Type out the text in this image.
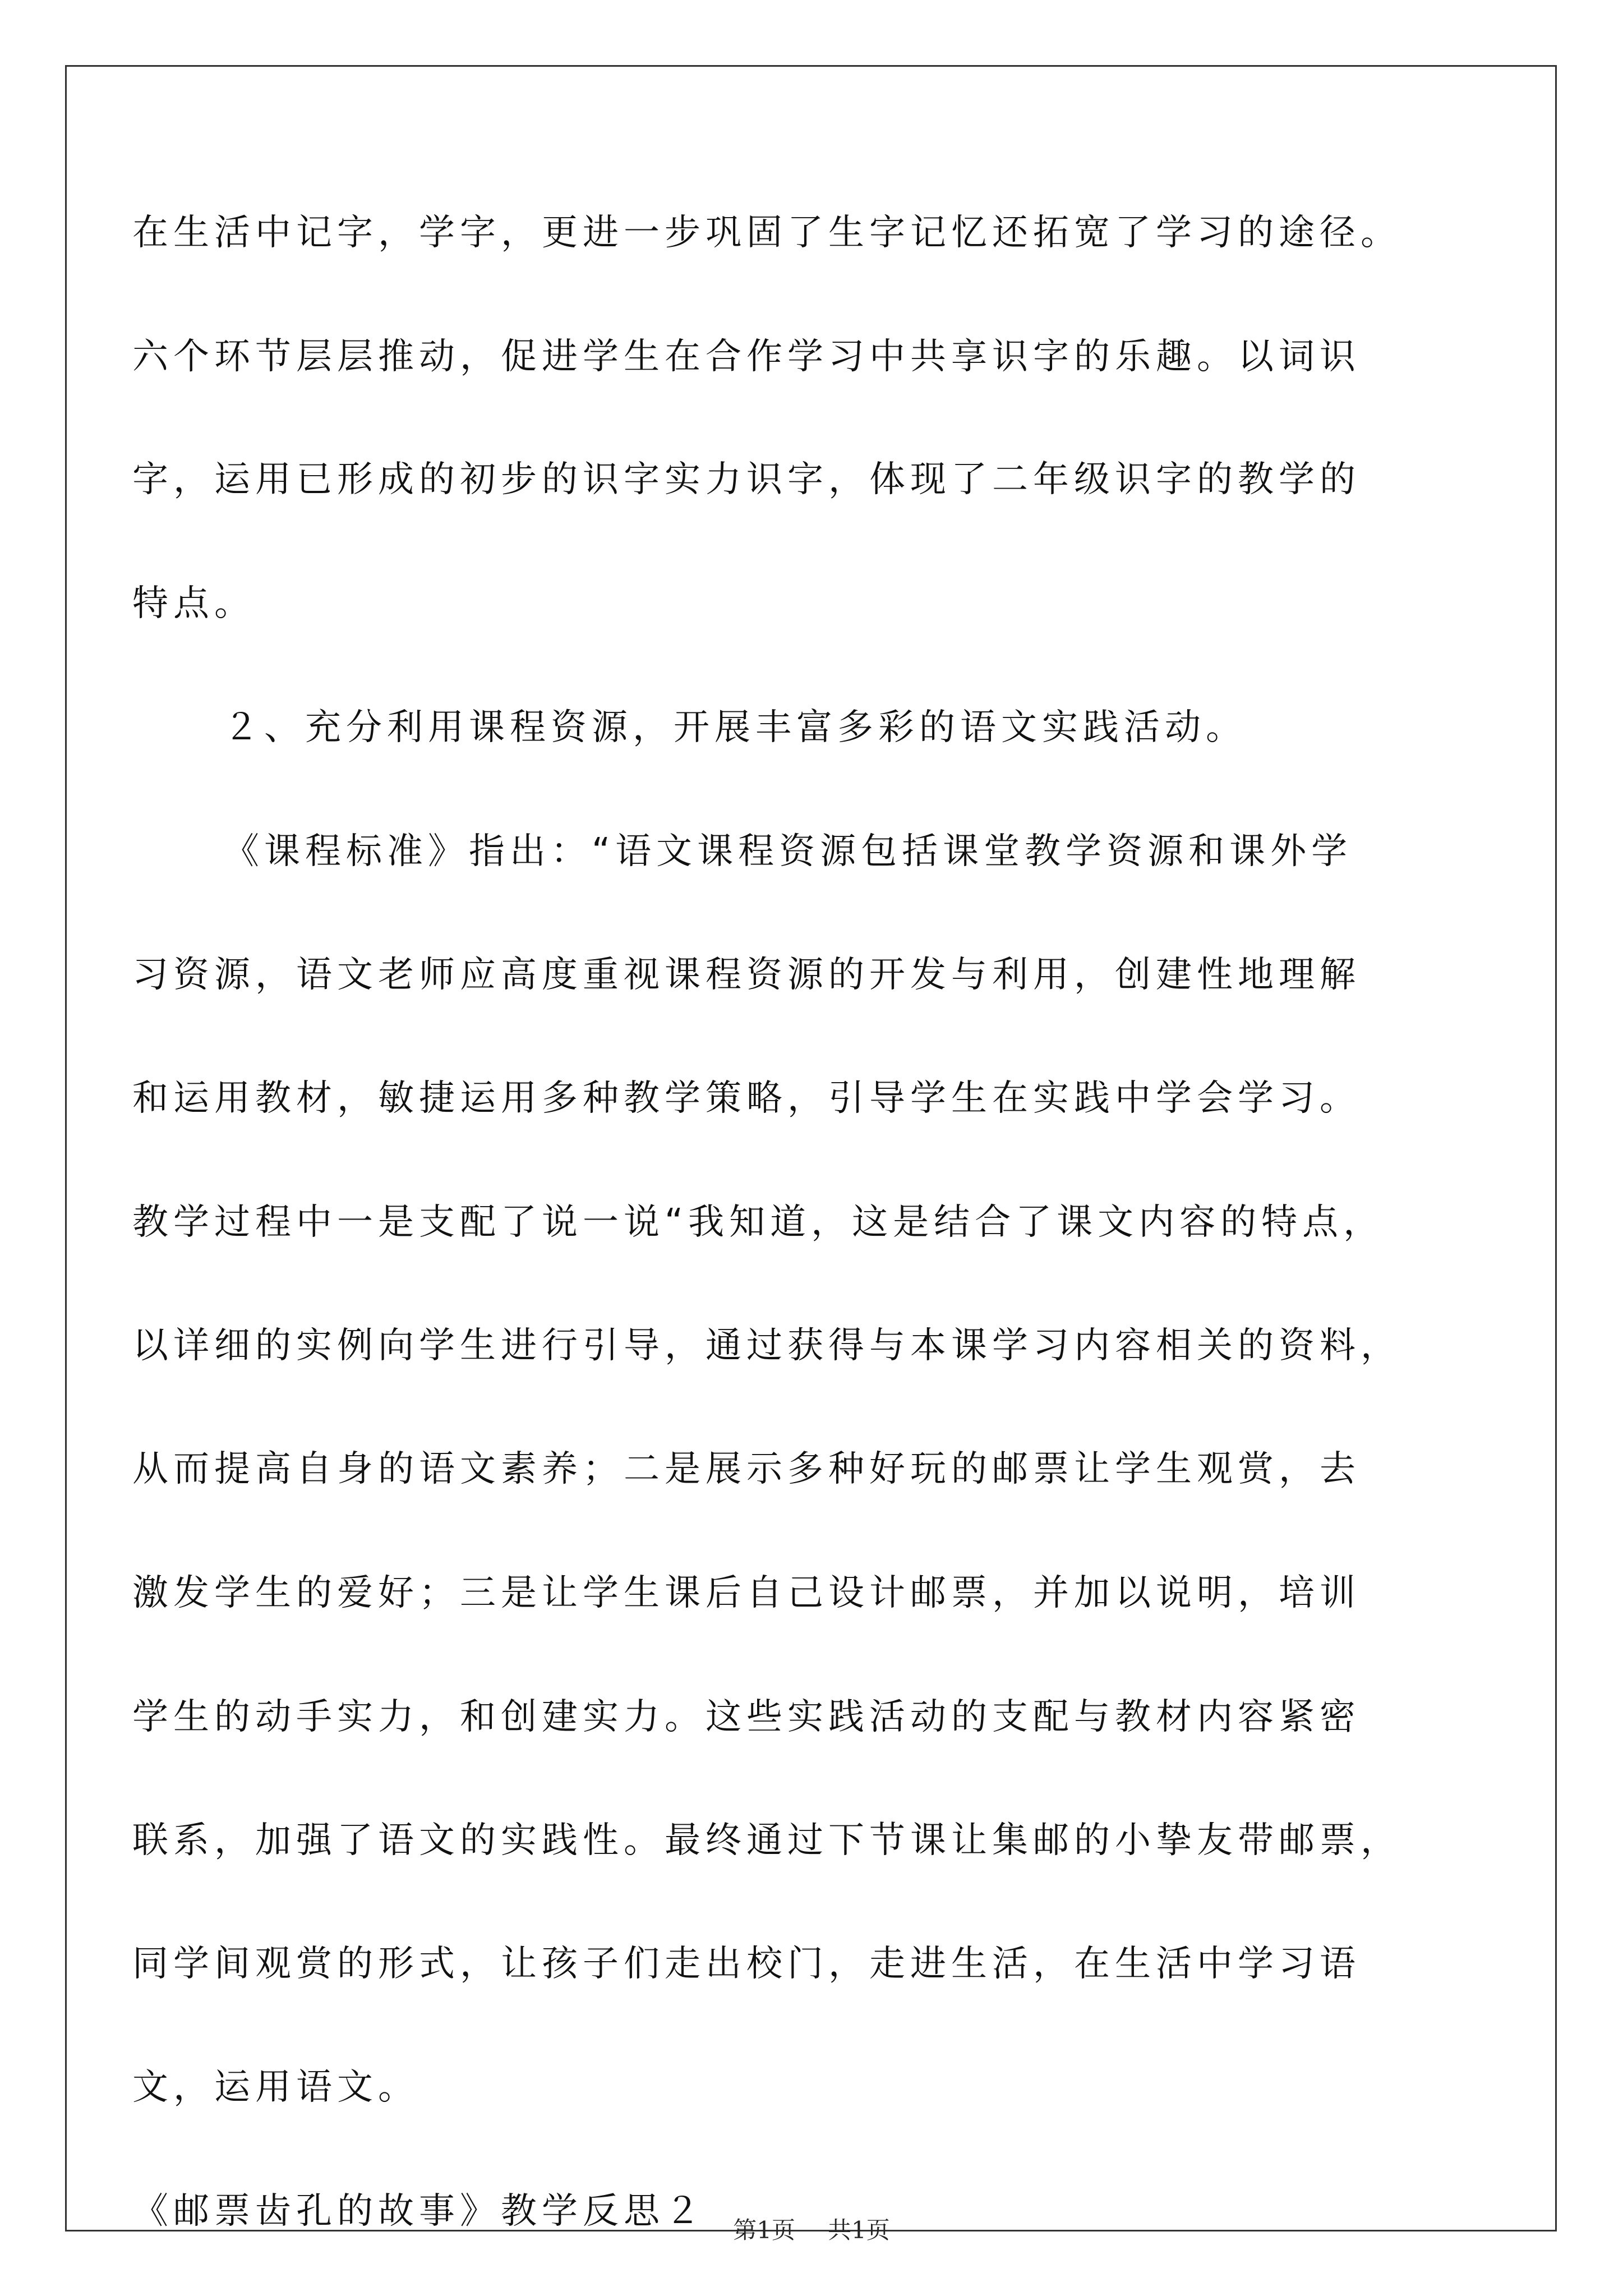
在生活中记字，学字，更进一步巩固了生字记忆还拓宽了学习的途径。
六个环节层层推动，促进学生在合作学习中共享识字的乐趣。以词识
字，运用已形成的初步的识字实力识字，体现了二年级识字的教学的
特点。
２、充分利用课程资源，开展丰富多彩的语文实践活动。
《课程标准》指出：“语文课程资源包括课堂教学资源和课外学
习资源，语文老师应高度重视课程资源的开发与利用，创建性地理解
和运用教材，敏捷运用多种教学策略，引导学生在实践中学会学习。
教学过程中一是支配了说一说“我知道，这是结合了课文内容的特点，
以详细的实例向学生进行引导，通过获得与本课学习内容相关的资料，
从而提高自身的语文素养；二是展示多种好玩的邮票让学生观赏，去
激发学生的爱好；三是让学生课后自己设计邮票，并加以说明，培训
学生的动手实力，和创建实力。这些实践活动的支配与教材内容紧密
联系，加强了语文的实践性。最终通过下节课让集邮的小挚友带邮票，
同学间观赏的形式，让孩子们走出校门，走进生活，在生活中学习语
文，运用语文。
《邮票齿孔的故事》教学反思２	第1页 共1页
